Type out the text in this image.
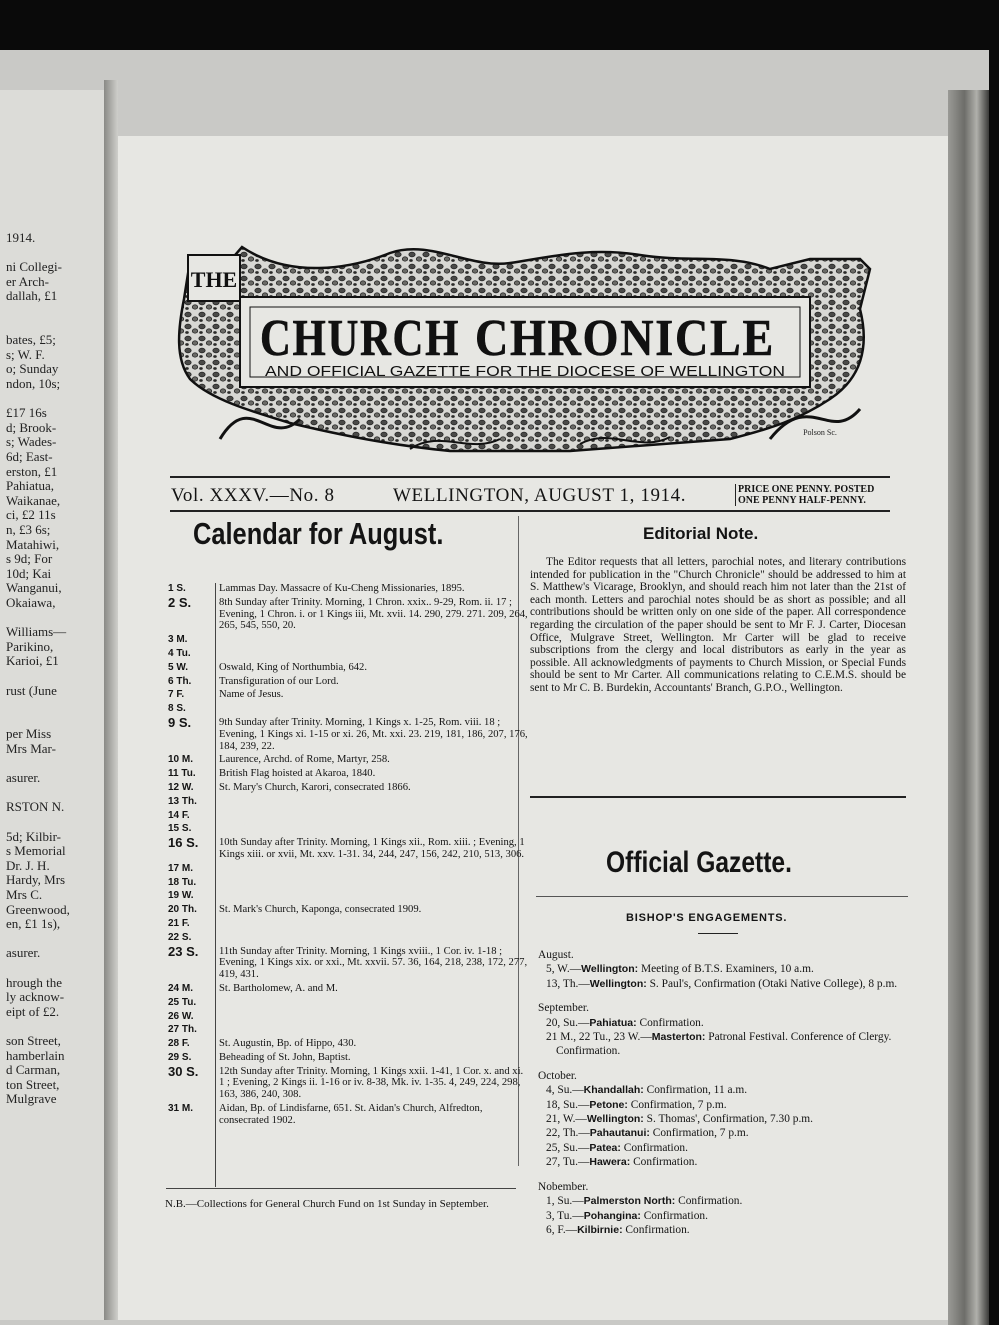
1914.
ni Collegi-
er Arch-
dallah, £1
bates, £5;
s; W. F.
o; Sunday
ndon, 10s;
£17 16s
d; Brook-
s; Wades-
6d; East-
erston, £1
Pahiatua,
Waikanae,
ci, £2 11s
n, £3 6s;
Matahiwi,
s 9d; For
10d; Kai
Wanganui,
Okaiawa,
Williams—
Parikino,
Karioi, £1
rust (June
per Miss
Mrs Mar-
asurer.
RSTON N.
5d; Kilbir-
s Memorial
Dr. J. H.
Hardy, Mrs
Mrs C.
Greenwood,
en, £1 1s),
asurer.
hrough the
ly acknow-
eipt of £2.
son Street,
hamberlain
d Carman,
ton Street,
Mulgrave
THE
CHURCH CHRONICLE
AND OFFICIAL GAZETTE FOR THE DIOCESE OF WELLINGTON
Polson Sc.
Vol. XXXV.—No. 8	WELLINGTON, AUGUST 1, 1914.	PRICE ONE PENNY. POSTED
ONE PENNY HALF-PENNY.
Calendar for August.
1 S.	Lammas Day. Massacre of Ku-Cheng Missionaries, 1895.
2 S.	8th Sunday after Trinity. Morning, 1 Chron. xxix.. 9-29, Rom. ii. 17 ; Evening, 1 Chron. i. or 1 Kings iii, Mt. xvii. 14. 290, 279. 271. 209, 264, 265, 545, 550, 20.
3 M.
4 Tu.
5 W.	Oswald, King of Northumbia, 642.
6 Th.	Transfiguration of our Lord.
7 F.	Name of Jesus.
8 S.
9 S.	9th Sunday after Trinity. Morning, 1 Kings x. 1-25, Rom. viii. 18 ; Evening, 1 Kings xi. 1-15 or xi. 26, Mt. xxi. 23. 219, 181, 186, 207, 176, 184, 239, 22.
10 M.	Laurence, Archd. of Rome, Martyr, 258.
11 Tu.	British Flag hoisted at Akaroa, 1840.
12 W.	St. Mary's Church, Karori, consecrated 1866.
13 Th.
14 F.
15 S.
16 S.	10th Sunday after Trinity. Morning, 1 Kings xii., Rom. xiii. ; Evening, 1 Kings xiii. or xvii, Mt. xxv. 1-31. 34, 244, 247, 156, 242, 210, 513, 306.
17 M.
18 Tu.
19 W.
20 Th.	St. Mark's Church, Kaponga, consecrated 1909.
21 F.
22 S.
23 S.	11th Sunday after Trinity. Morning, 1 Kings xviii., 1 Cor. iv. 1-18 ; Evening, 1 Kings xix. or xxi., Mt. xxvii. 57. 36, 164, 218, 238, 172, 277, 419, 431.
24 M.	St. Bartholomew, A. and M.
25 Tu.
26 W.
27 Th.
28 F.	St. Augustin, Bp. of Hippo, 430.
29 S.	Beheading of St. John, Baptist.
30 S.	12th Sunday after Trinity. Morning, 1 Kings xxii. 1-41, 1 Cor. x. and xi. 1 ; Evening, 2 Kings ii. 1-16 or iv. 8-38, Mk. iv. 1-35. 4, 249, 224, 298, 163, 386, 240, 308.
31 M.	Aidan, Bp. of Lindisfarne, 651. St. Aidan's Church, Alfredton, consecrated 1902.
N.B.—Collections for General Church Fund on 1st Sunday in September.
Editorial Note.

The Editor requests that all letters, parochial notes, and literary contributions intended for publication in the "Church Chronicle" should be addressed to him at S. Matthew's Vicarage, Brooklyn, and should reach him not later than the 21st of each month. Letters and parochial notes should be as short as possible; and all contributions should be written only on one side of the paper. All correspondence regarding the circulation of the paper should be sent to Mr F. J. Carter, Diocesan Office, Mulgrave Street, Wellington. Mr Carter will be glad to receive subscriptions from the clergy and local distributors as early in the year as possible. All acknowledgments of payments to Church Mission, or Special Funds should be sent to Mr Carter. All communications relating to C.E.M.S. should be sent to Mr C. B. Burdekin, Accountants' Branch, G.P.O., Wellington.

Official Gazette.
BISHOP'S ENGAGEMENTS.
August.
5, W.—Wellington: Meeting of B.T.S. Examiners, 10 a.m.
13, Th.—Wellington: S. Paul's, Confirmation (Otaki Native College), 8 p.m.
September.
20, Su.—Pahiatua: Confirmation.
21 M., 22 Tu., 23 W.—Masterton: Patronal Festival. Conference of Clergy. Confirmation.
October.
4, Su.—Khandallah: Confirmation, 11 a.m.
18, Su.—Petone: Confirmation, 7 p.m.
21, W.—Wellington: S. Thomas', Confirmation, 7.30 p.m.
22, Th.—Pahautanui: Confirmation, 7 p.m.
25, Su.—Patea: Confirmation.
27, Tu.—Hawera: Confirmation.
Nobember.
1, Su.—Palmerston North: Confirmation.
3, Tu.—Pohangina: Confirmation.
6, F.—Kilbirnie: Confirmation.
